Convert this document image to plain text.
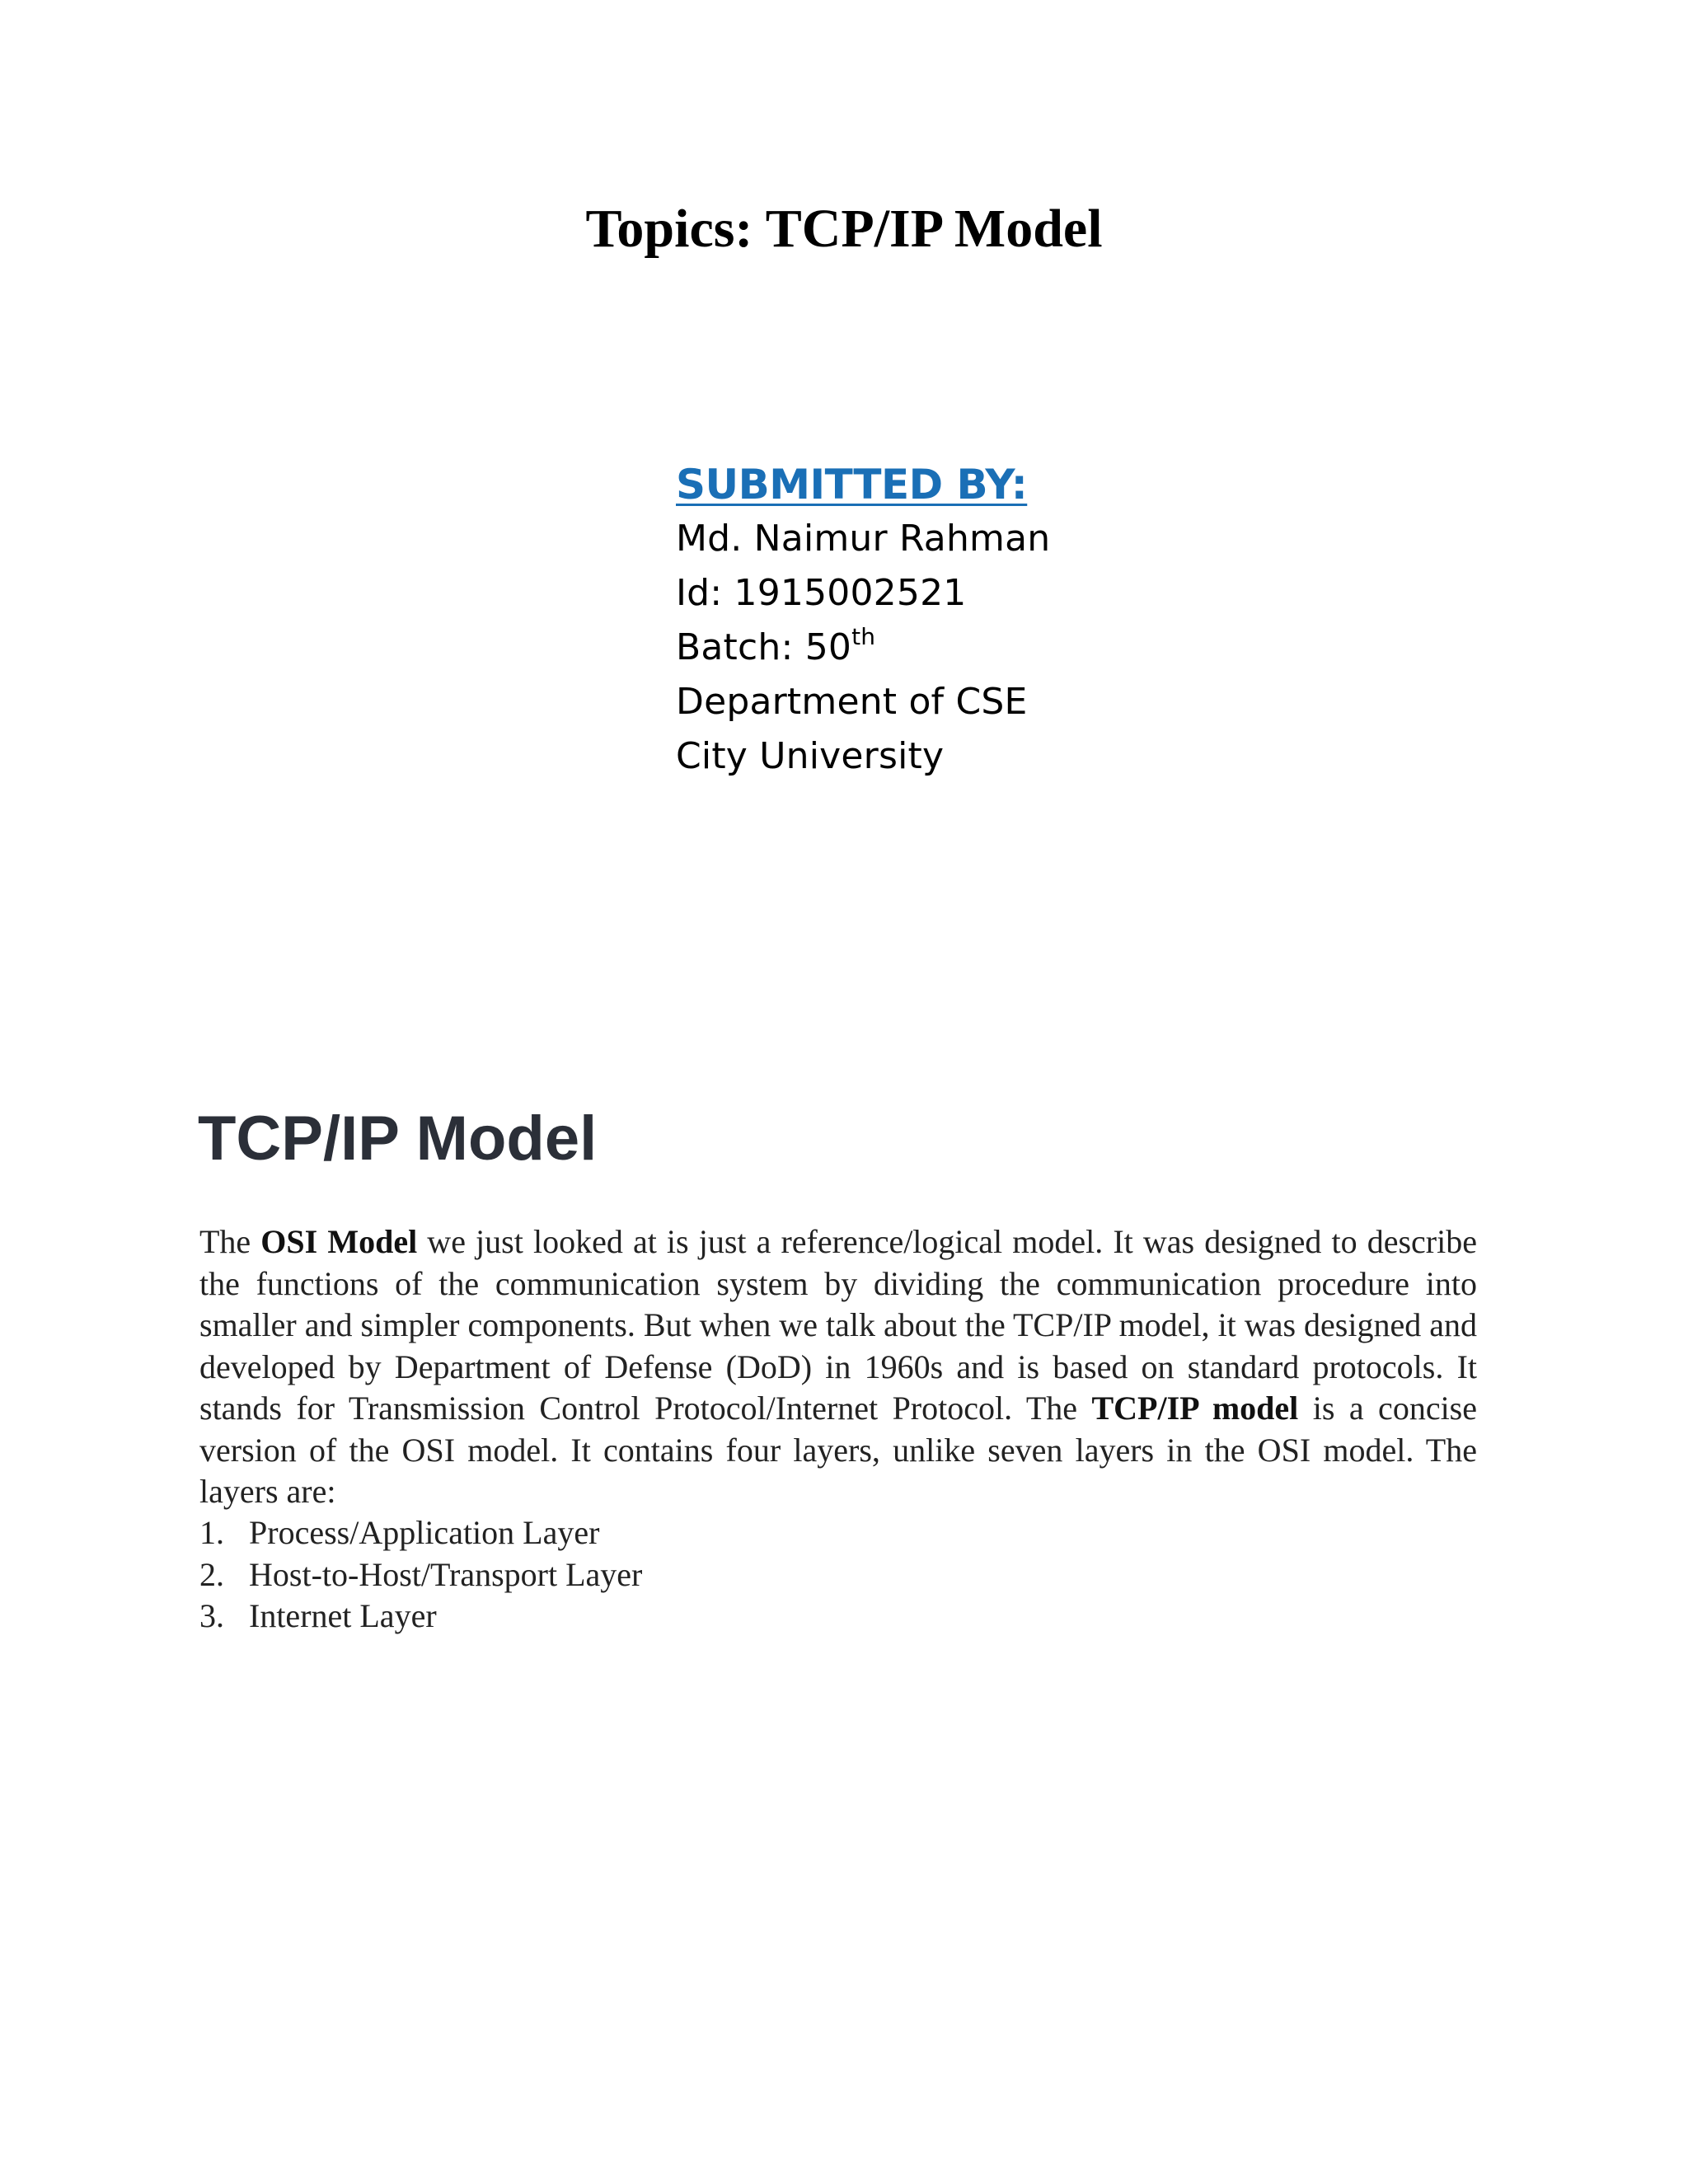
Topics: TCP/IP Model
SUBMITTED BY:
Md. Naimur Rahman
Id: 1915002521
Batch: 50th
Department of CSE
City University
TCP/IP Model
The OSI Model we just looked at is just a reference/logical model. It was designed to describe the functions of the communication system by dividing the communication procedure into smaller and simpler components. But when we talk about the TCP/IP model, it was designed and developed by Department of Defense (DoD) in 1960s and is based on standard protocols. It stands for Transmission Control Protocol/Internet Protocol. The TCP/IP model is a concise version of the OSI model. It contains four layers, unlike seven layers in the OSI model. The layers are:
1. Process/Application Layer
2. Host-to-Host/Transport Layer
3. Internet Layer
